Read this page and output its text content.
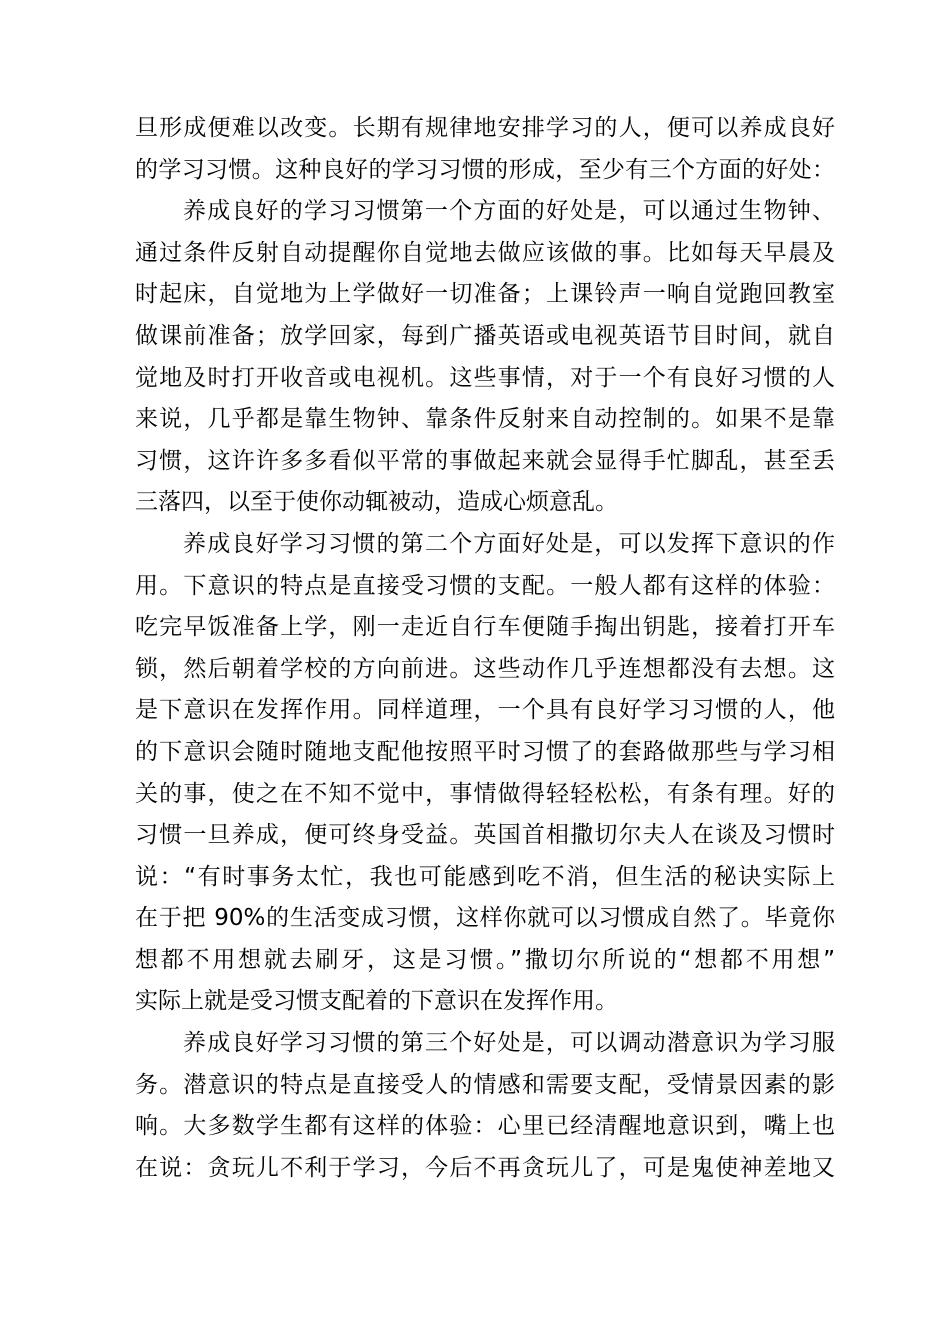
旦形成便难以改变。长期有规律地安排学习的人，便可以养成良好
的学习习惯。这种良好的学习习惯的形成，至少有三个方面的好处：
养成良好的学习习惯第一个方面的好处是，可以通过生物钟、
通过条件反射自动提醒你自觉地去做应该做的事。比如每天早晨及
时起床，自觉地为上学做好一切准备；上课铃声一响自觉跑回教室
做课前准备；放学回家，每到广播英语或电视英语节目时间，就自
觉地及时打开收音或电视机。这些事情，对于一个有良好习惯的人
来说，几乎都是靠生物钟、靠条件反射来自动控制的。如果不是靠
习惯，这许许多多看似平常的事做起来就会显得手忙脚乱，甚至丢
三落四，以至于使你动辄被动，造成心烦意乱。
养成良好学习习惯的第二个方面好处是，可以发挥下意识的作
用。下意识的特点是直接受习惯的支配。一般人都有这样的体验：
吃完早饭准备上学，刚一走近自行车便随手掏出钥匙，接着打开车
锁，然后朝着学校的方向前进。这些动作几乎连想都没有去想。这
是下意识在发挥作用。同样道理，一个具有良好学习习惯的人，他
的下意识会随时随地支配他按照平时习惯了的套路做那些与学习相
关的事，使之在不知不觉中，事情做得轻轻松松，有条有理。好的
习惯一旦养成，便可终身受益。英国首相撒切尔夫人在谈及习惯时
说：“有时事务太忙，我也可能感到吃不消，但生活的秘诀实际上
在于把 90%的生活变成习惯，这样你就可以习惯成自然了。毕竟你
想都不用想就去刷牙，这是习惯。”撒切尔所说的“想都不用想”
实际上就是受习惯支配着的下意识在发挥作用。
养成良好学习习惯的第三个好处是，可以调动潜意识为学习服
务。潜意识的特点是直接受人的情感和需要支配，受情景因素的影
响。大多数学生都有这样的体验：心里已经清醒地意识到，嘴上也
在说：贪玩儿不利于学习，今后不再贪玩儿了，可是鬼使神差地又
